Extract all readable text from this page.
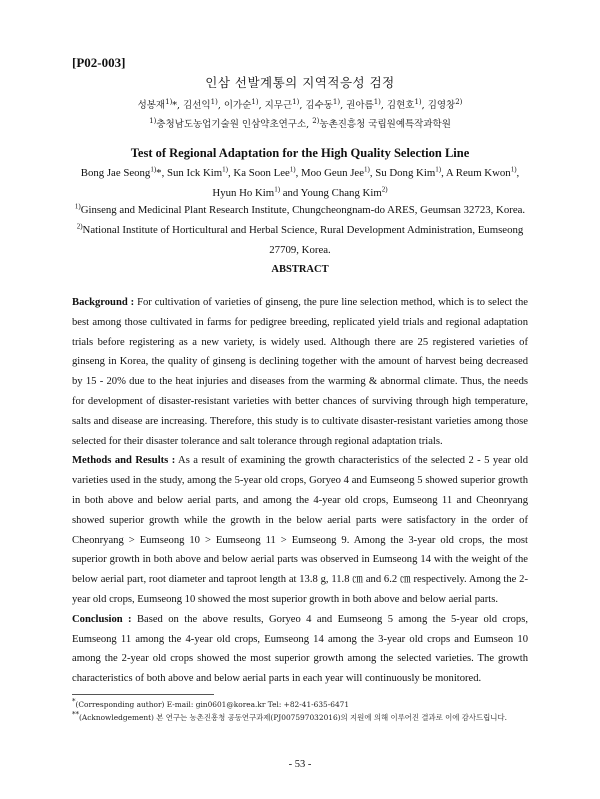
[P02-003]
인삼 선발계통의 지역적응성 검정
성봉재$^{1)}$*, 김선익$^{1)}$, 이가순$^{1)}$, 지무근$^{1)}$, 김수동$^{1)}$, 권아름$^{1)}$, 김현호$^{1)}$, 김영창$^{2)}$
$^{1)}$충청남도농업기술원 인삼약초연구소, $^{2)}$농촌진흥청 국립원예특작과학원
Test of Regional Adaptation for the High Quality Selection Line
Bong Jae Seong$^{1)}$*, Sun Ick Kim$^{1)}$, Ka Soon Lee$^{1)}$, Moo Geun Jee$^{1)}$, Su Dong Kim$^{1)}$, A Reum Kwon$^{1)}$, Hyun Ho Kim$^{1)}$ and Young Chang Kim$^{2)}$
$^{1)}$Ginseng and Medicinal Plant Research Institute, Chungcheongnam-do ARES, Geumsan 32723, Korea.
$^{2)}$National Institute of Horticultural and Herbal Science, Rural Development Administration, Eumseong 27709, Korea.
ABSTRACT

Background : For cultivation of varieties of ginseng, the pure line selection method, which is to select the best among those cultivated in farms for pedigree breeding, replicated yield trials and regional adaptation trials before registering as a new variety, is widely used. Although there are 25 registered varieties of ginseng in Korea, the quality of ginseng is declining together with the amount of harvest being decreased by 15 - 20% due to the heat injuries and diseases from the warming & abnormal climate. Thus, the needs for development of disaster-resistant varieties with better chances of surviving through high temperature, salts and disease are increasing. Therefore, this study is to cultivate disaster-resistant varieties among those selected for their disaster tolerance and salt tolerance through regional adaptation trials.

Methods and Results : As a result of examining the growth characteristics of the selected 2 - 5 year old varieties used in the study, among the 5-year old crops, Goryeo 4 and Eumseong 5 showed superior growth in both above and below aerial parts, and among the 4-year old crops, Eumseong 11 and Cheonryang showed superior growth while the growth in the below aerial parts were satisfactory in the order of Cheonryang > Eumseong 10 > Eumseong 11 > Eumseong 9. Among the 3-year old crops, the most superior growth in both above and below aerial parts was observed in Eumseong 14 with the weight of the below aerial part, root diameter and taproot length at 13.8 g, 11.8 ㎝ and 6.2 ㎝ respectively. Among the 2-year old crops, Eumseong 10 showed the most superior growth in both above and below aerial parts.

Conclusion : Based on the above results, Goryeo 4 and Eumseong 5 among the 5-year old crops, Eumseong 11 among the 4-year old crops, Eumseong 14 among the 3-year old crops and Eumseon 10 among the 2-year old crops showed the most superior growth among the selected varieties. The growth characteristics of both above and below aerial parts in each year will continuously be monitored.

*(Corresponding author) E-mail: gin0601@korea.kr Tel: +82-41-635-6471
**(Acknowledgement) 본 연구는 농촌진흥청 공동연구과제(PJ007597032016)의 지원에 의해 이루어진 결과로 이에 감사드립니다.
- 53 -
